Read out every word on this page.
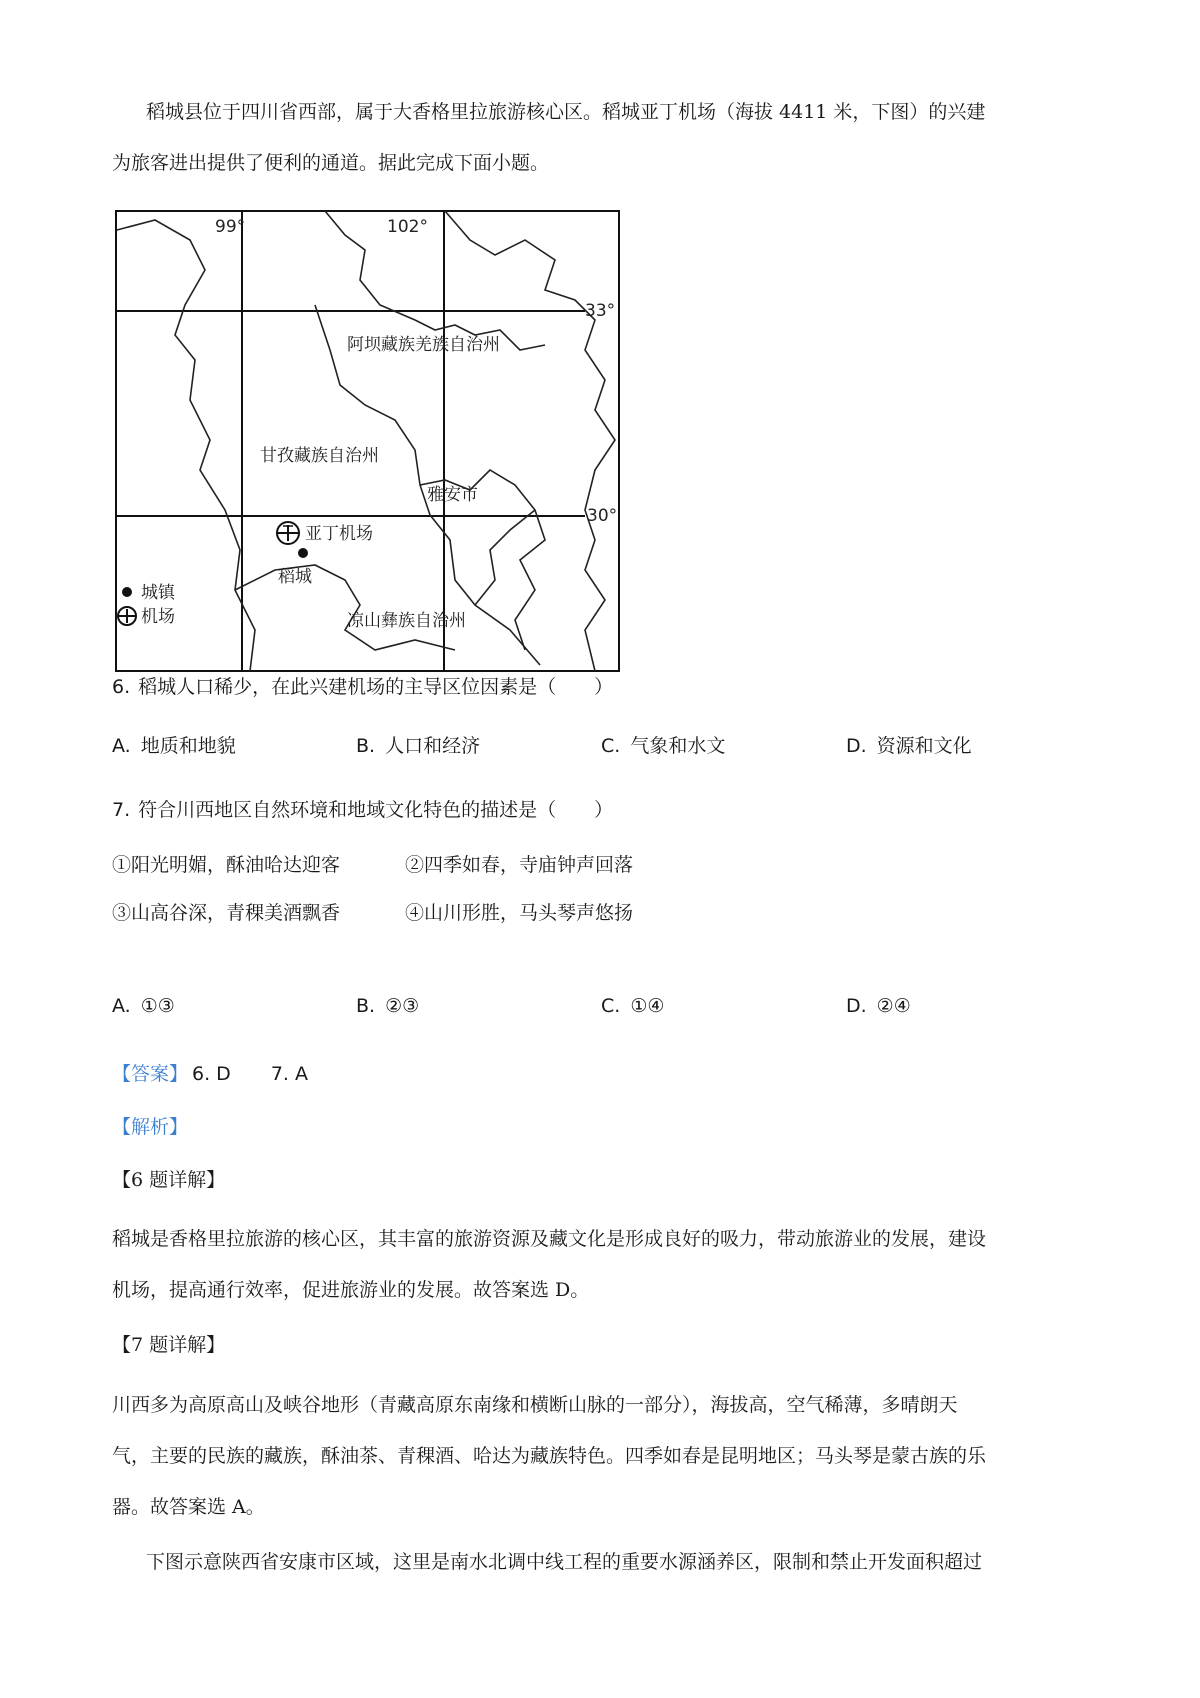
稻城县位于四川省西部，属于大香格里拉旅游核心区。稻城亚丁机场（海拔 4411 米，下图）的兴建
为旅客进出提供了便利的通道。据此完成下面小题。
99°	102°
33°
30°
阿坝藏族羌族自治州
甘孜藏族自治州
凉山彝族自治州
雅安市
亚丁机场
稻城
城镇
机场
6. 稻城人口稀少，在此兴建机场的主导区位因素是（　　）
A. 地质和地貌	B. 人口和经济	C. 气象和水文	D. 资源和文化
7. 符合川西地区自然环境和地域文化特色的描述是（　　）
①阳光明媚，酥油哈达迎客	②四季如春，寺庙钟声回落
③山高谷深，青稞美酒飘香	④山川形胜，马头琴声悠扬
A. ①③	B. ②③	C. ①④	D. ②④
【答案】 6. D 7. A
【解析】
【6 题详解】
稻城是香格里拉旅游的核心区，其丰富的旅游资源及藏文化是形成良好的吸力，带动旅游业的发展，建设
机场，提高通行效率，促进旅游业的发展。故答案选 D。
【7 题详解】
川西多为高原高山及峡谷地形（青藏高原东南缘和横断山脉的一部分），海拔高，空气稀薄，多晴朗天
气，主要的民族的藏族，酥油茶、青稞酒、哈达为藏族特色。四季如春是昆明地区；马头琴是蒙古族的乐
器。故答案选 A。
下图示意陕西省安康市区域，这里是南水北调中线工程的重要水源涵养区，限制和禁止开发面积超过
